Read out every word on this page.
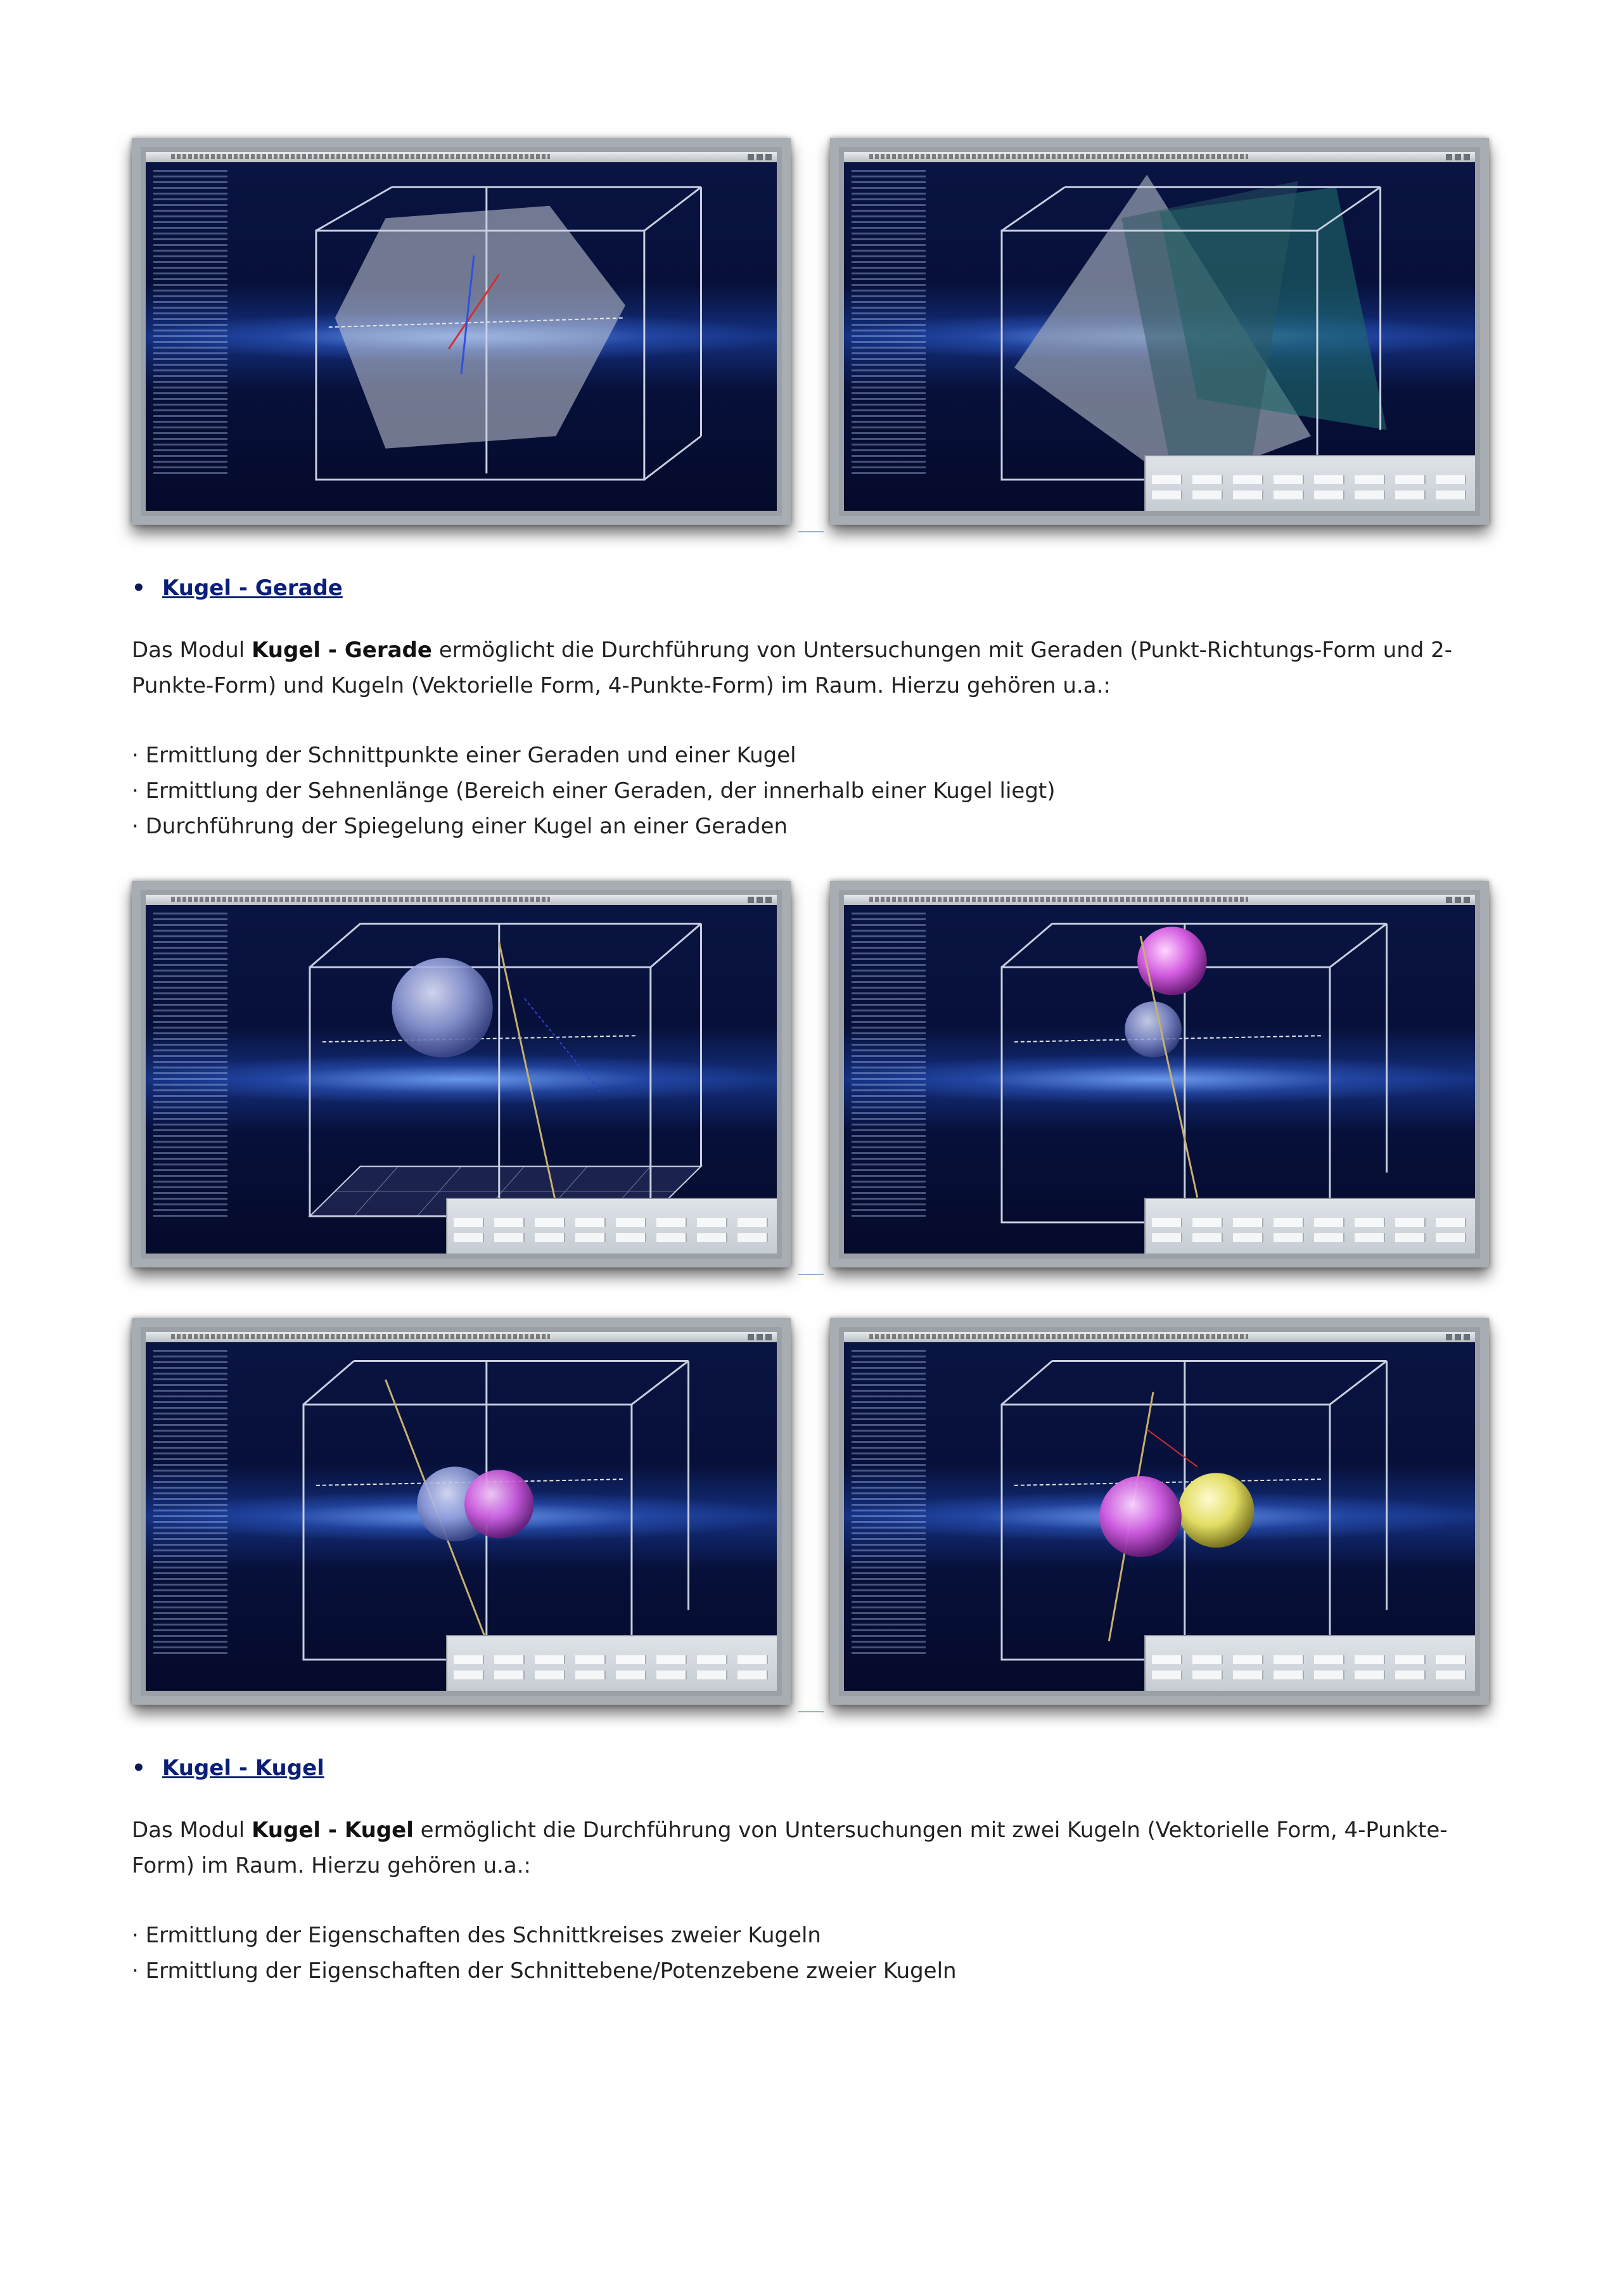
• Kugel - Gerade
Das Modul Kugel - Gerade ermöglicht die Durchführung von Untersuchungen mit Geraden (Punkt-Richtungs-Form und 2-Punkte-Form) und Kugeln (Vektorielle Form, 4-Punkte-Form) im Raum. Hierzu gehören u.a.:
· Ermittlung der Schnittpunkte einer Geraden und einer Kugel
· Ermittlung der Sehnenlänge (Bereich einer Geraden, der innerhalb einer Kugel liegt)
· Durchführung der Spiegelung einer Kugel an einer Geraden
• Kugel - Kugel
Das Modul Kugel - Kugel ermöglicht die Durchführung von Untersuchungen mit zwei Kugeln (Vektorielle Form, 4-Punkte-Form) im Raum. Hierzu gehören u.a.:
· Ermittlung der Eigenschaften des Schnittkreises zweier Kugeln
· Ermittlung der Eigenschaften der Schnittebene/Potenzebene zweier Kugeln
